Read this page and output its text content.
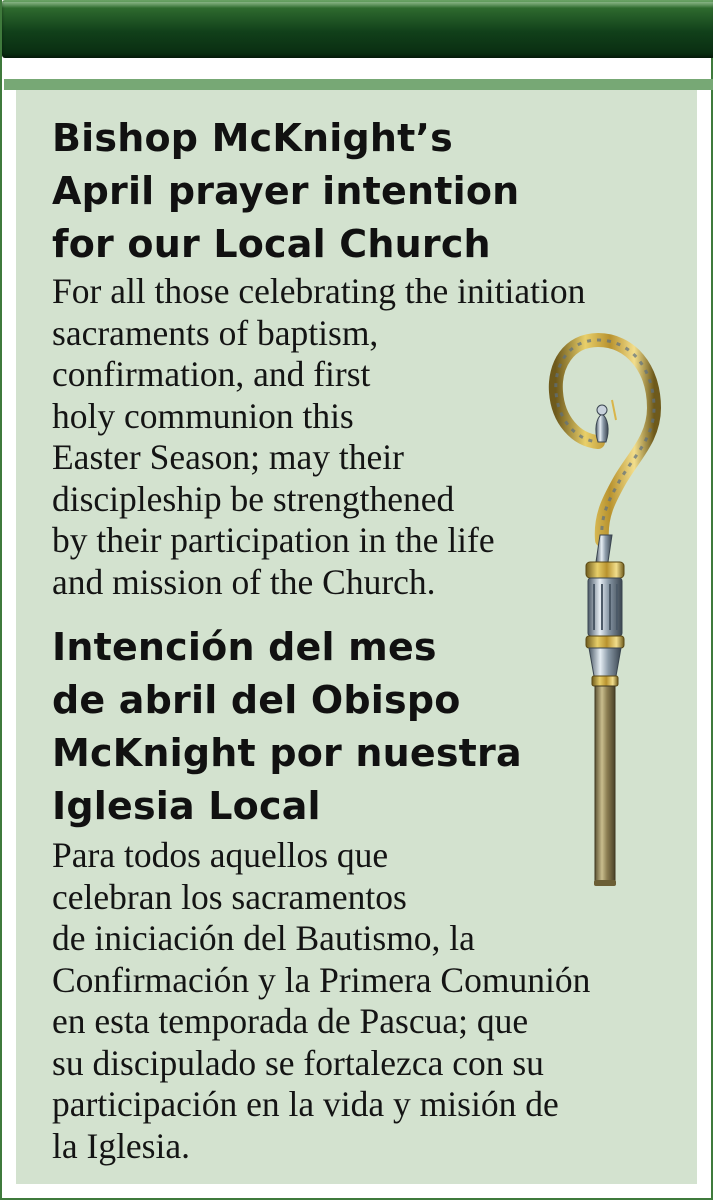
Bishop McKnight’s
April prayer intention
for our Local Church

For all those celebrating the initiation
sacraments of baptism,
confirmation, and first
holy communion this
Easter Season; may their
discipleship be strengthened
by their participation in the life
and mission of the Church.

Intención del mes
de abril del Obispo
McKnight por nuestra
Iglesia Local

Para todos aquellos que
celebran los sacramentos
de iniciación del Bautismo, la
Confirmación y la Primera Comunión
en esta temporada de Pascua; que
su discipulado se fortalezca con su
participación en la vida y misión de
la Iglesia.
